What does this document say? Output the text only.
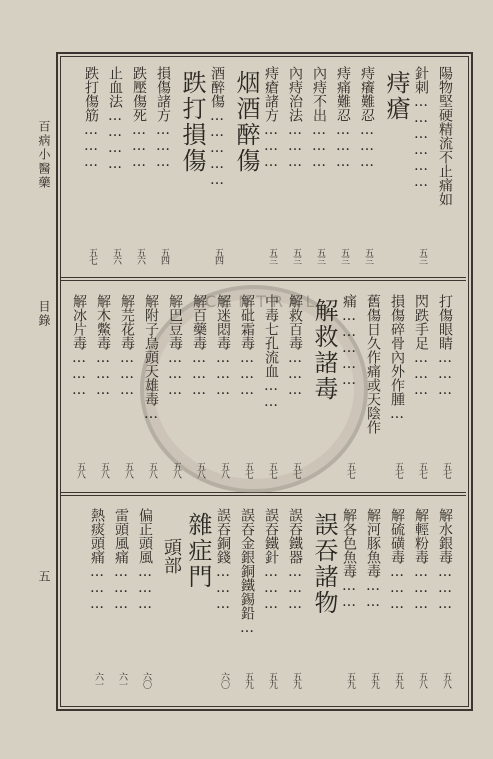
CENTRAL
百病小醫藥
目錄
五
陽物堅硬精流不止痛如
針刺………………
五三
痔瘡
痔癢難忍………
五三
痔痛難忍………
五三
內痔不出………
五三
內痔治法………
五三
痔瘡諸方………
五三
烟酒醉傷
酒醉傷……………
五四
跌打損傷
損傷諸方………
五四
跌壓傷死………
五六
止血法…………
五六
跌打傷筋………
五七
打傷眼睛………
五七
閃跌手足………
五七
損傷碎骨內外作腫…
五七
舊傷日久作痛或天陰作
痛……………
五七
解救諸毒
解救百毒………
五七
中毒七孔流血……
五七
解砒霜毒………
五七
解迷悶毒………
五八
解百藥毒………
五八
解巴豆毒………
五八
解附子烏頭天雄毒…
五八
解芫花毒………
五八
解木鱉毒………
五八
解冰片毒………
五八
解水銀毒………
五八
解輕粉毒………
五八
解硫磺毒………
五九
解河豚魚毒……
五九
解各色魚毒……
五九
誤吞諸物
誤吞鐵器………
五九
誤吞鐵針………
五九
誤吞金銀銅鐵錫鉛…
五九
誤吞銅錢………
六〇
雜症門
頭部
偏正頭風………
六〇
雷頭風痛………
六一
熱痰頭痛………
六一
